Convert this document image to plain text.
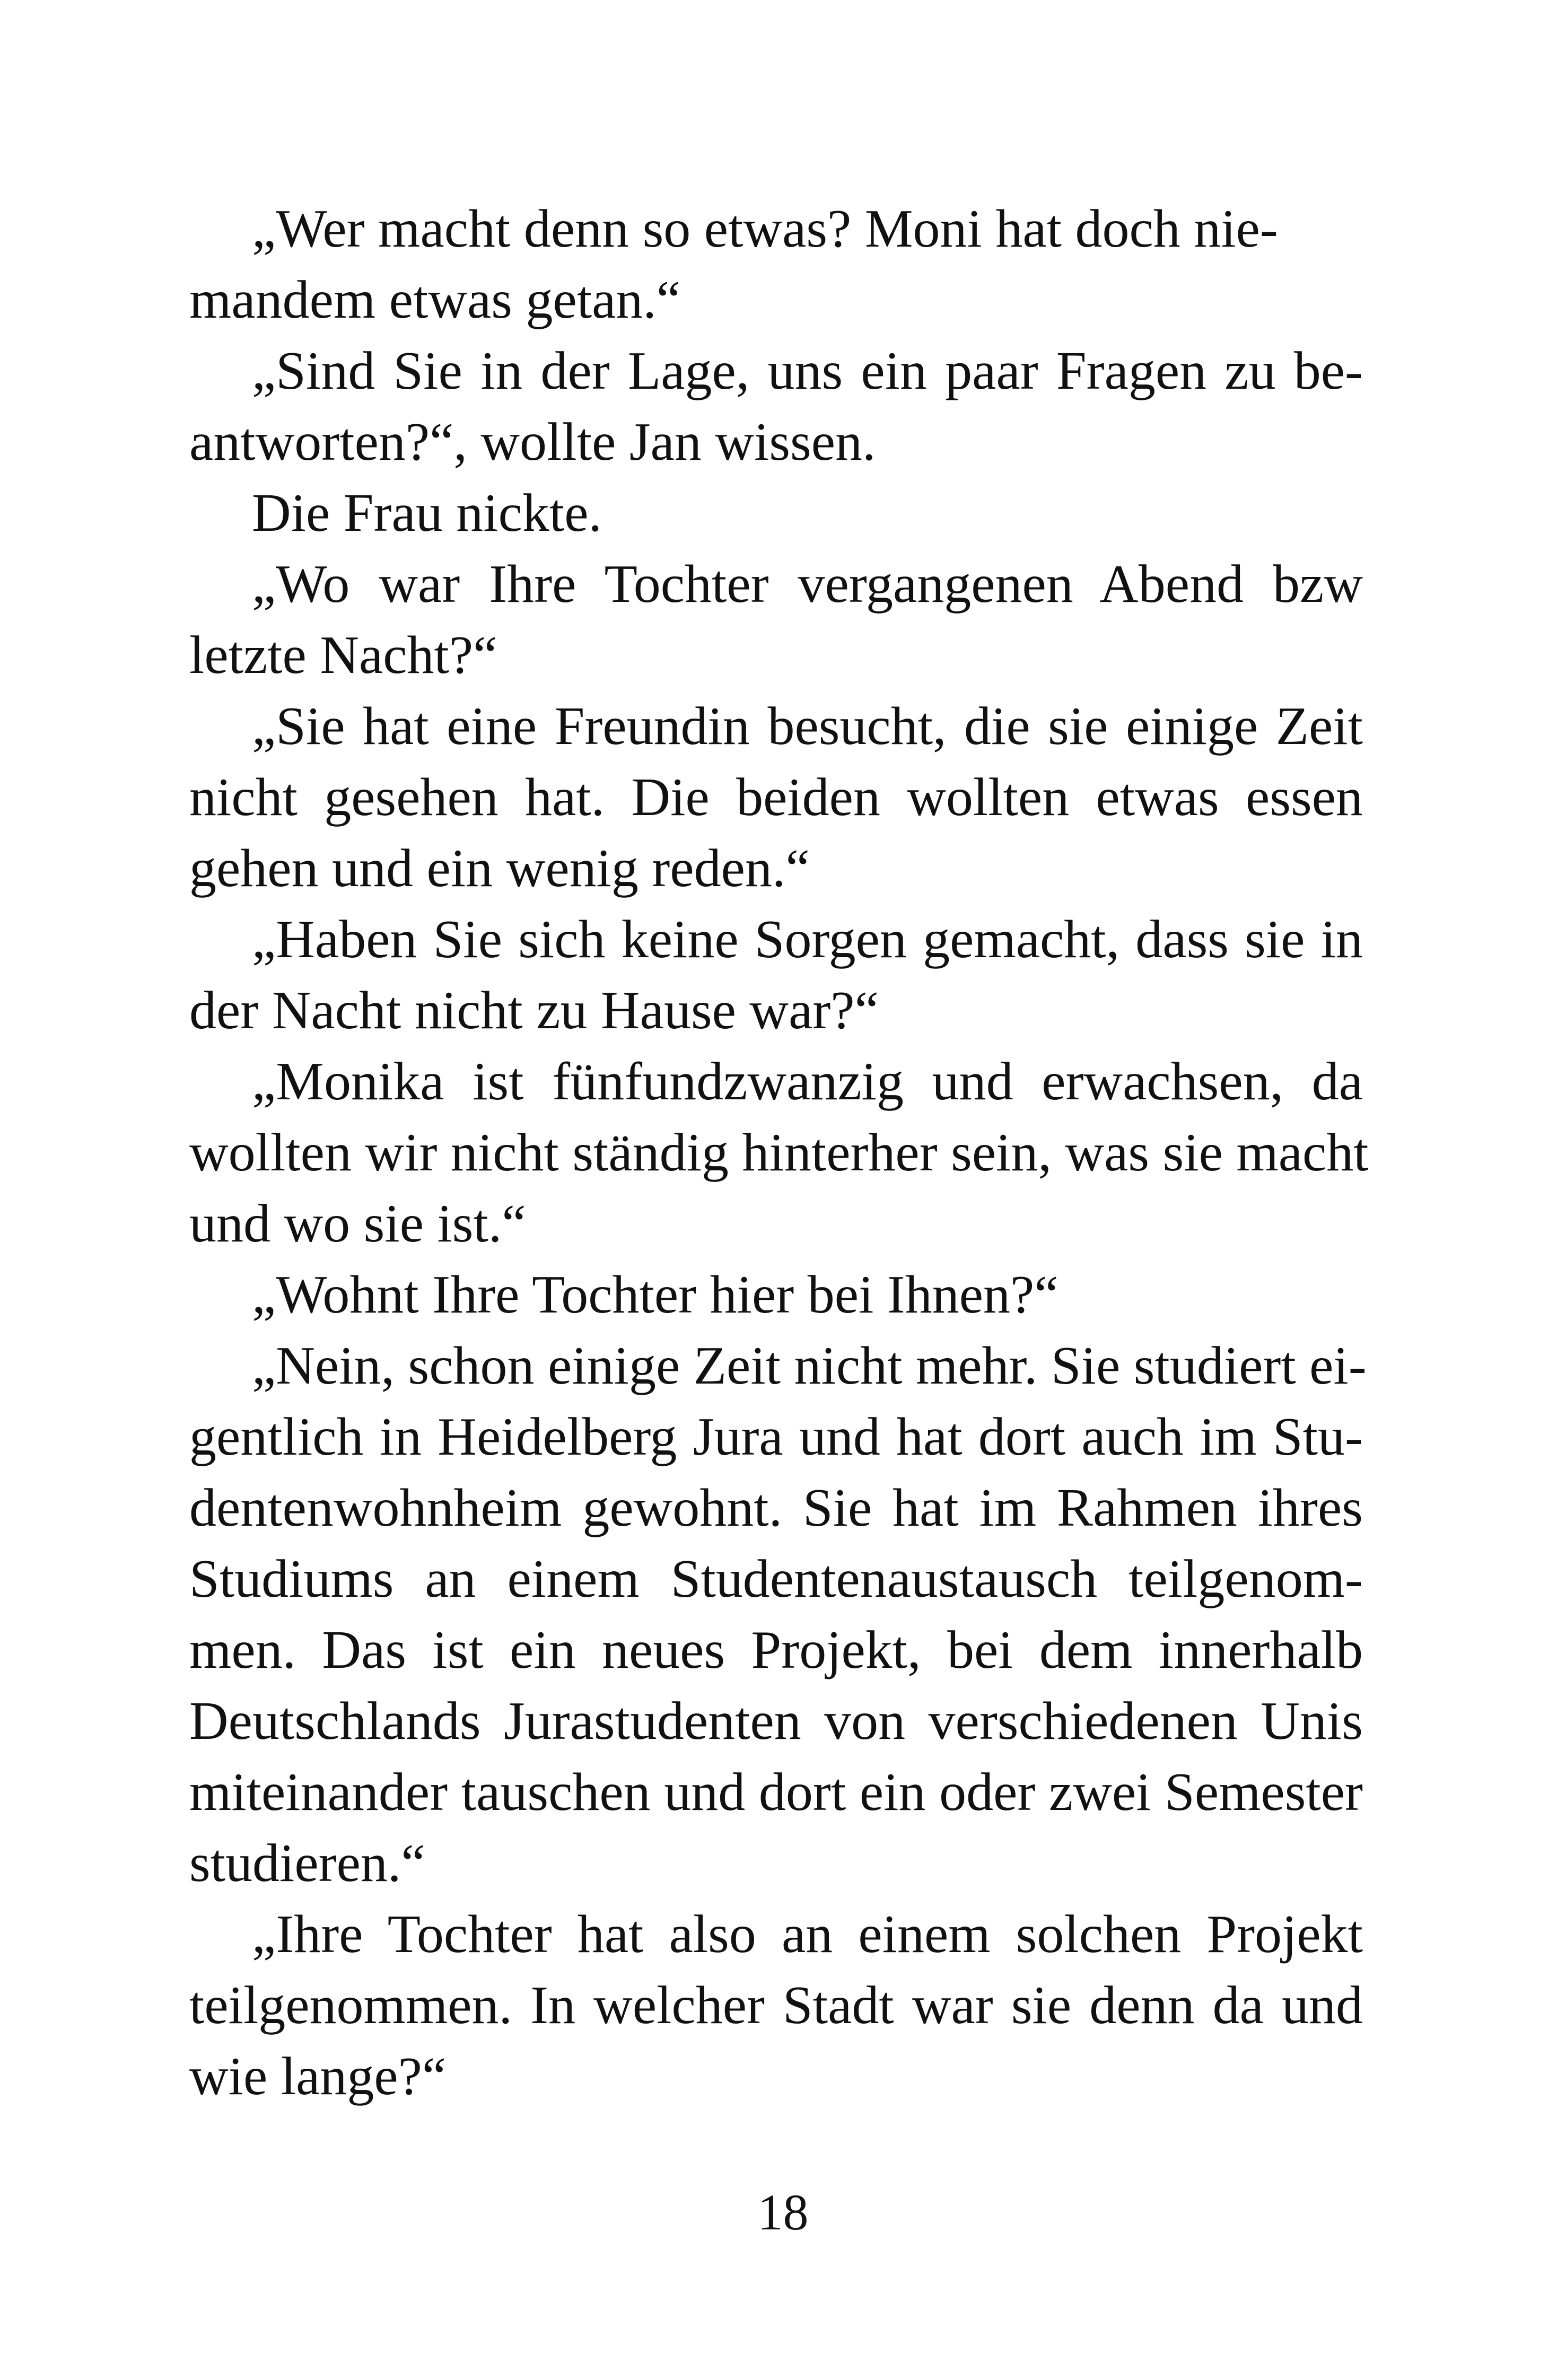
„Wer macht denn so etwas? Moni hat doch nie-
mandem etwas getan.“
„Sind Sie in der Lage, uns ein paar Fragen zu be-
antworten?“, wollte Jan wissen.
Die Frau nickte.
„Wo war Ihre Tochter vergangenen Abend bzw
letzte Nacht?“
„Sie hat eine Freundin besucht, die sie einige Zeit
nicht gesehen hat. Die beiden wollten etwas essen
gehen und ein wenig reden.“
„Haben Sie sich keine Sorgen gemacht, dass sie in
der Nacht nicht zu Hause war?“
„Monika ist fünfundzwanzig und erwachsen, da
wollten wir nicht ständig hinterher sein, was sie macht
und wo sie ist.“
„Wohnt Ihre Tochter hier bei Ihnen?“
„Nein, schon einige Zeit nicht mehr. Sie studiert ei-
gentlich in Heidelberg Jura und hat dort auch im Stu-
dentenwohnheim gewohnt. Sie hat im Rahmen ihres
Studiums an einem Studentenaustausch teilgenom-
men. Das ist ein neues Projekt, bei dem innerhalb
Deutschlands Jurastudenten von verschiedenen Unis
miteinander tauschen und dort ein oder zwei Semester
studieren.“
„Ihre Tochter hat also an einem solchen Projekt
teilgenommen. In welcher Stadt war sie denn da und
wie lange?“
18
